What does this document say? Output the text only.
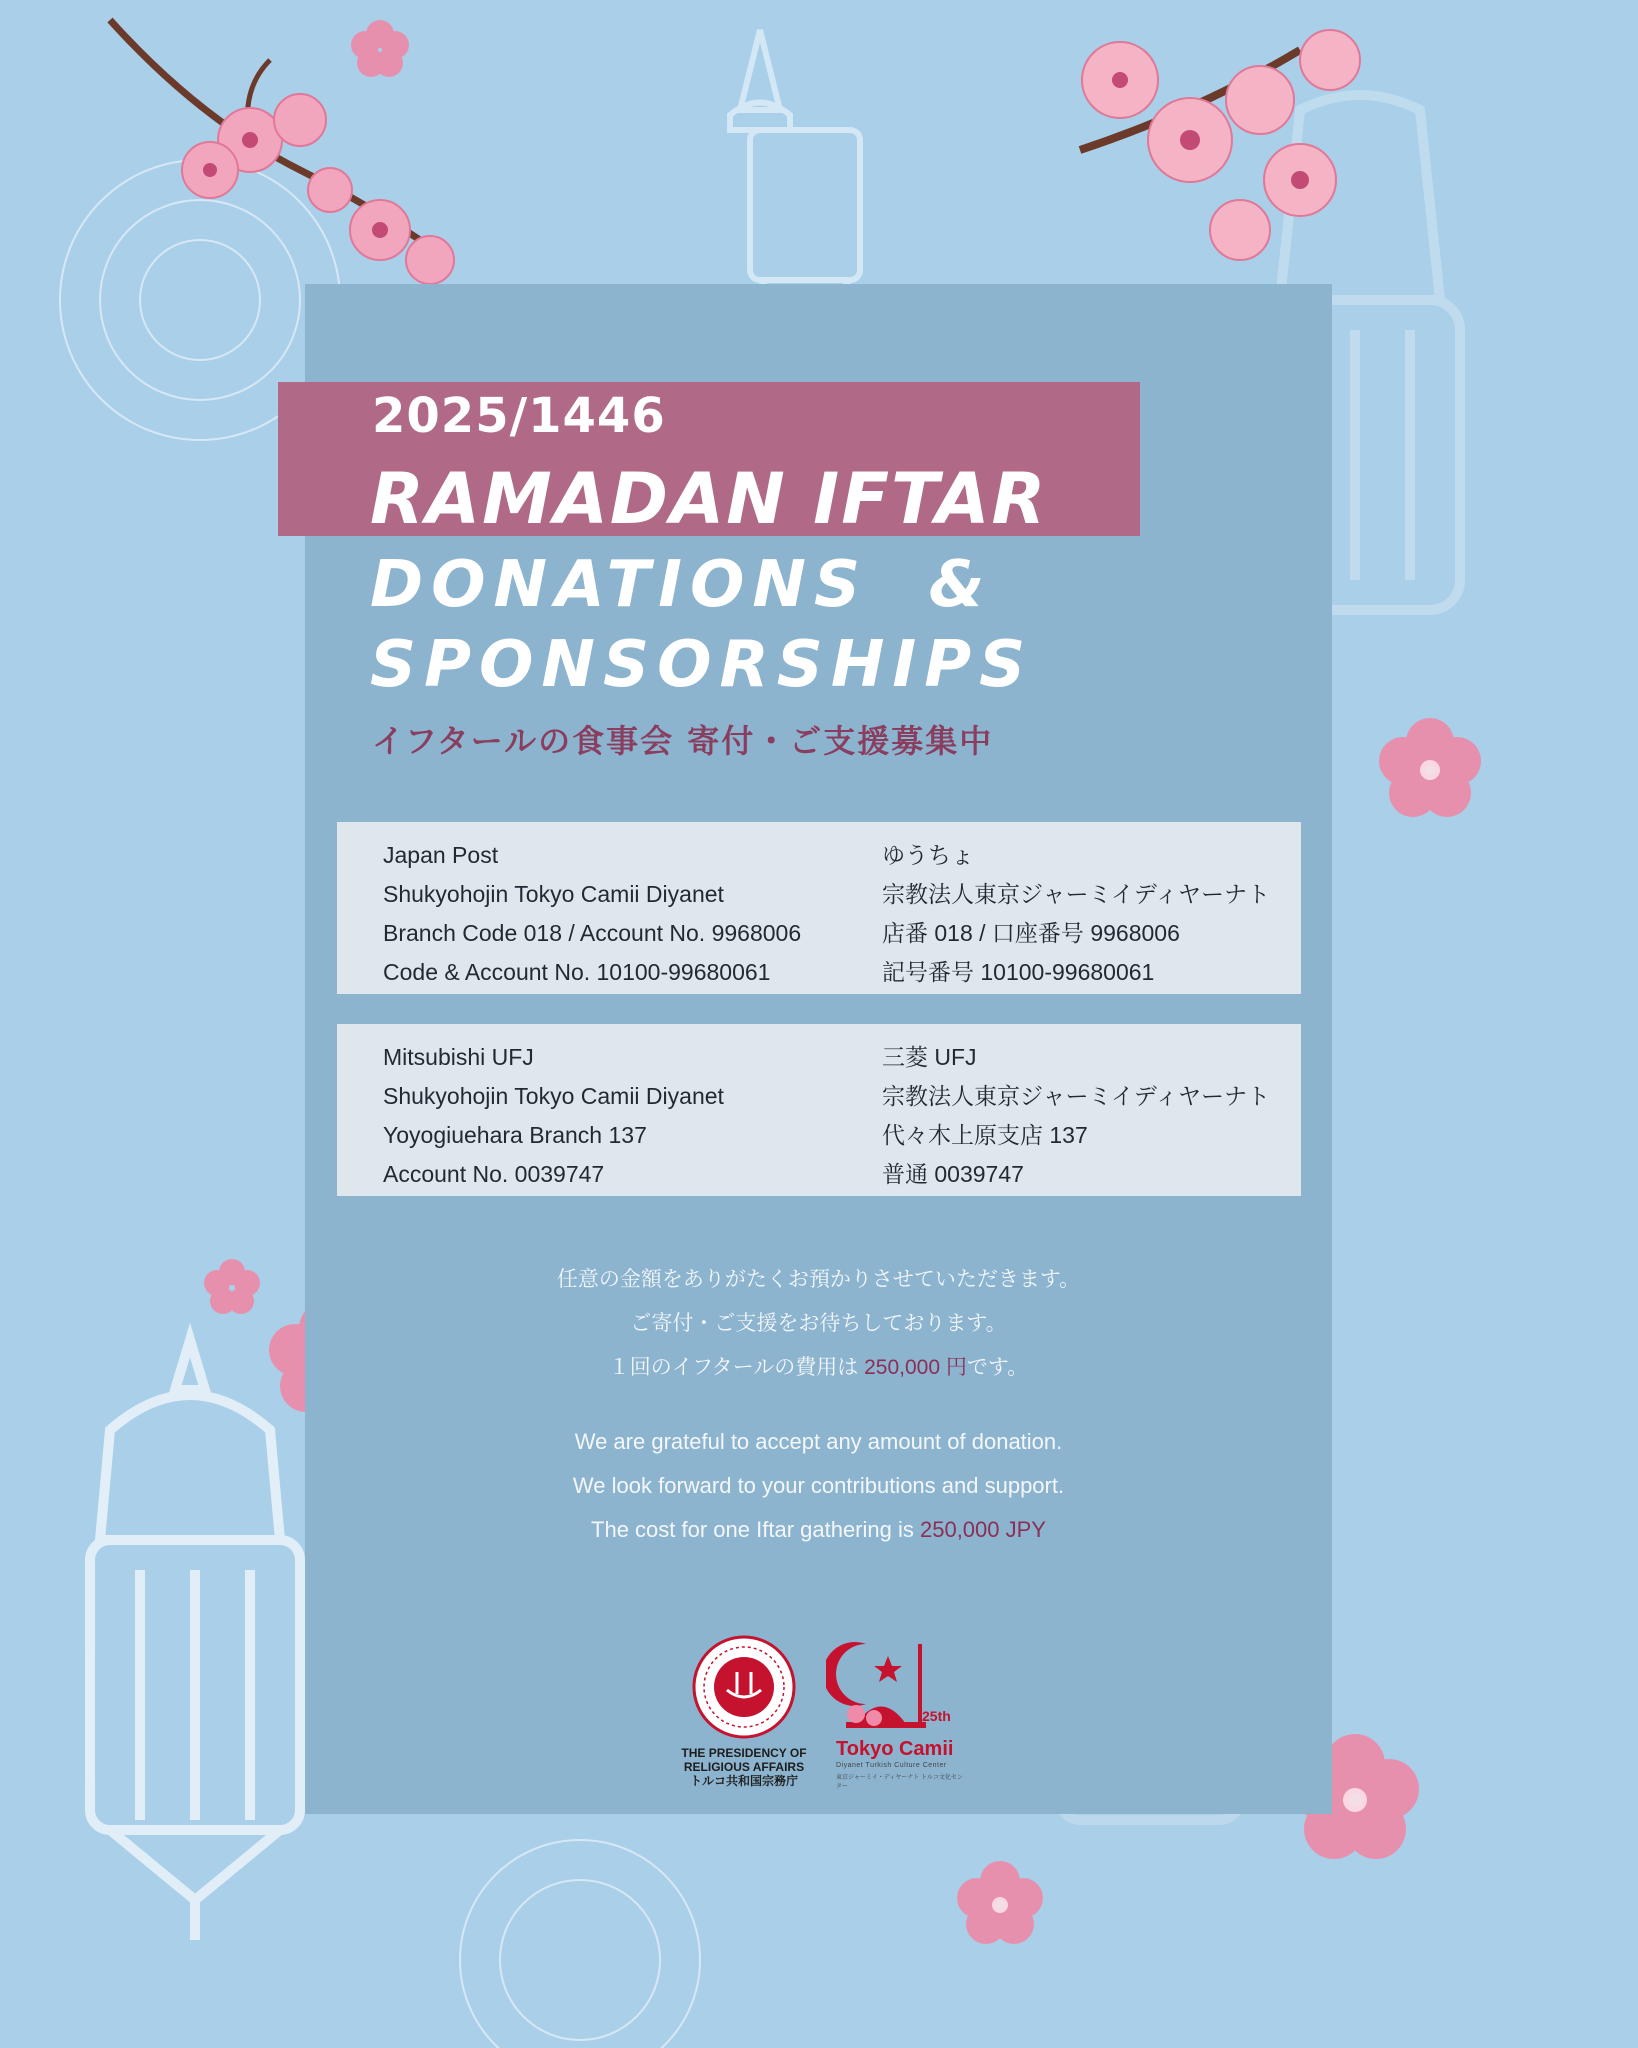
2025/1446
RAMADAN IFTAR
DONATIONS  &
SPONSORSHIPS
イフタールの食事会 寄付・ご支援募集中
Japan Post
Shukyohojin Tokyo Camii Diyanet
Branch Code 018 / Account No. 9968006
Code & Account No. 10100-99680061
ゆうちょ
宗教法人東京ジャーミイディヤーナト
店番 018 / 口座番号 9968006
記号番号 10100-99680061
Mitsubishi UFJ
Shukyohojin Tokyo Camii Diyanet
Yoyogiuehara Branch 137
Account No. 0039747
三菱 UFJ
宗教法人東京ジャーミイディヤーナト
代々木上原支店 137
普通 0039747
任意の金額をありがたくお預かりさせていただきます。
ご寄付・ご支援をお待ちしております。
１回のイフタールの費用は 250,000 円です。
We are grateful to accept any amount of donation.
We look forward to your contributions and support.
The cost for one Iftar gathering is 250,000 JPY
THE PRESIDENCY OF
RELIGIOUS AFFAIRS
トルコ共和国宗務庁
25th
Tokyo Camii
Diyanet Turkish Culture Center
東京ジャーミイ・ディヤーナト トルコ文化センター
